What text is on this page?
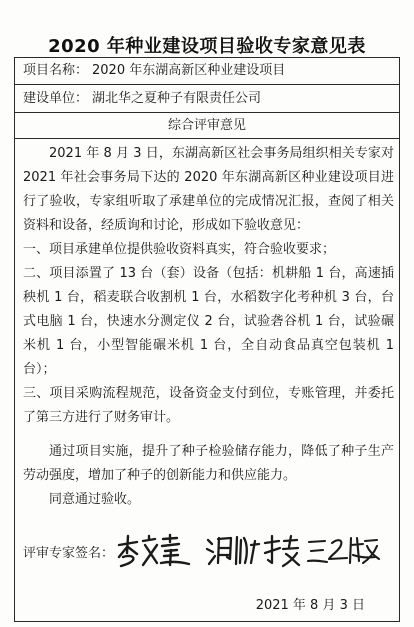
2020 年种业建设项目验收专家意见表
项目名称： 2020 年东湖高新区种业建设项目
建设单位： 湖北华之夏种子有限责任公司
综合评审意见

2021 年 8 月 3 日，东湖高新区社会事务局组织相关专家对 2021 年社会事务局下达的 2020 年东湖高新区种业建设项目进行了验收，专家组听取了承建单位的完成情况汇报，查阅了相关资料和设备，经质询和讨论，形成如下验收意见：

一、项目承建单位提供验收资料真实，符合验收要求；

二、项目添置了 13 台（套）设备（包括：机耕船 1 台，高速插秧机 1 台，稻麦联合收割机 1 台，水稻数字化考种机 3 台，台式电脑 1 台，快速水分测定仪 2 台，试验砻谷机 1 台，试验碾米机 1 台，小型智能碾米机 1 台，全自动食品真空包装机 1 台）；

三、项目采购流程规范，设备资金支付到位，专账管理，并委托了第三方进行了财务审计。

通过项目实施，提升了种子检验储存能力，降低了种子生产劳动强度，增加了种子的创新能力和供应能力。

同意通过验收。

评审专家签名：
2021 年 8 月 3 日
